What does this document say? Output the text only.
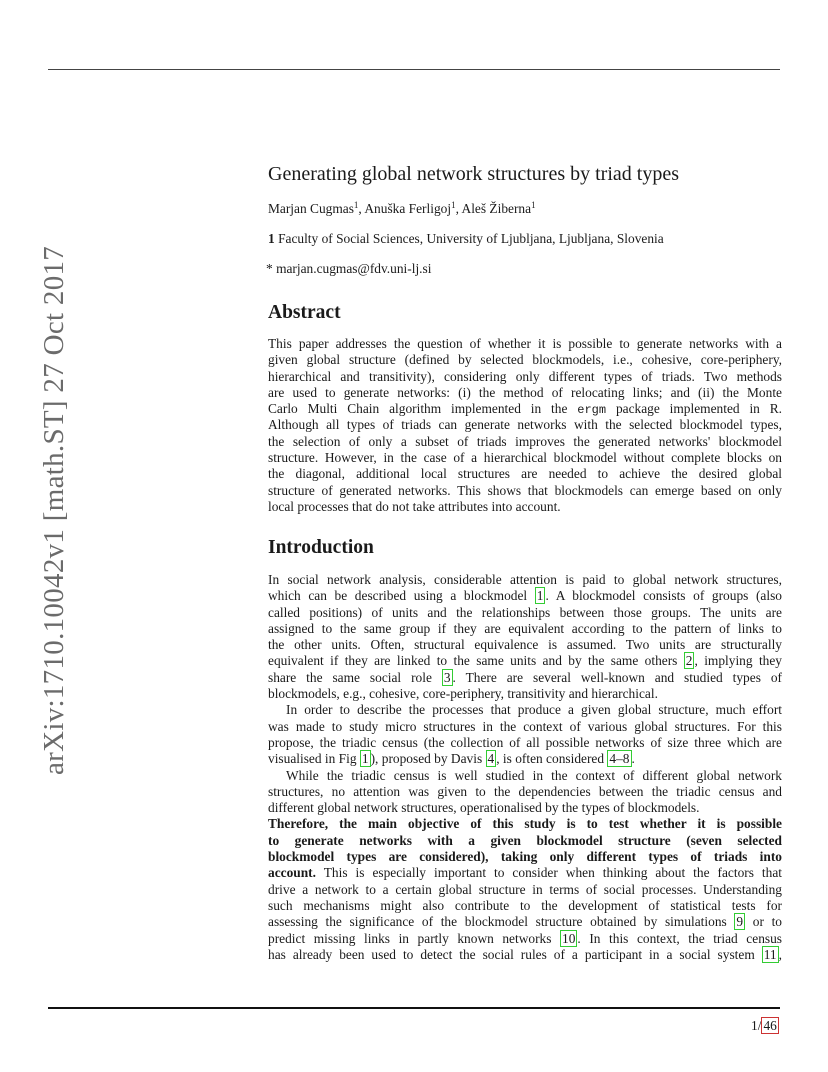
arXiv:1710.10042v1 [math.ST] 27 Oct 2017
Generating global network structures by triad types
Marjan Cugmas$^1$, Anuška Ferligoj$^1$, Aleš Žiberna$^1$
1 Faculty of Social Sciences, University of Ljubljana, Ljubljana, Slovenia
* marjan.cugmas@fdv.uni-lj.si
Abstract
This paper addresses the question of whether it is possible to generate networks with a
given global structure (defined by selected blockmodels, i.e., cohesive, core-periphery,
hierarchical and transitivity), considering only different types of triads. Two methods
are used to generate networks: (i) the method of relocating links; and (ii) the Monte
Carlo Multi Chain algorithm implemented in the ergm package implemented in R.
Although all types of triads can generate networks with the selected blockmodel types,
the selection of only a subset of triads improves the generated networks' blockmodel
structure. However, in the case of a hierarchical blockmodel without complete blocks on
the diagonal, additional local structures are needed to achieve the desired global
structure of generated networks. This shows that blockmodels can emerge based on only
local processes that do not take attributes into account.
Introduction
In social network analysis, considerable attention is paid to global network structures,
which can be described using a blockmodel 1 . A blockmodel consists of groups (also
called positions) of units and the relationships between those groups. The units are
assigned to the same group if they are equivalent according to the pattern of links to
the other units. Often, structural equivalence is assumed. Two units are structurally
equivalent if they are linked to the same units and by the same others 2 , implying they
share the same social role 3 . There are several well-known and studied types of
blockmodels, e.g., cohesive, core-periphery, transitivity and hierarchical.
In order to describe the processes that produce a given global structure, much effort
was made to study micro structures in the context of various global structures. For this
propose, the triadic census (the collection of all possible networks of size three which are
visualised in Fig 1 ), proposed by Davis 4 , is often considered 4–8 .
While the triadic census is well studied in the context of different global network
structures, no attention was given to the dependencies between the triadic census and
different global network structures, operationalised by the types of blockmodels.
Therefore, the main objective of this study is to test whether it is possible
to generate networks with a given blockmodel structure (seven selected
blockmodel types are considered), taking only different types of triads into
account. This is especially important to consider when thinking about the factors that
drive a network to a certain global structure in terms of social processes. Understanding
such mechanisms might also contribute to the development of statistical tests for
assessing the significance of the blockmodel structure obtained by simulations 9 or to
predict missing links in partly known networks 10 . In this context, the triad census
has already been used to detect the social rules of a participant in a social system 11 ,
1/ 46
